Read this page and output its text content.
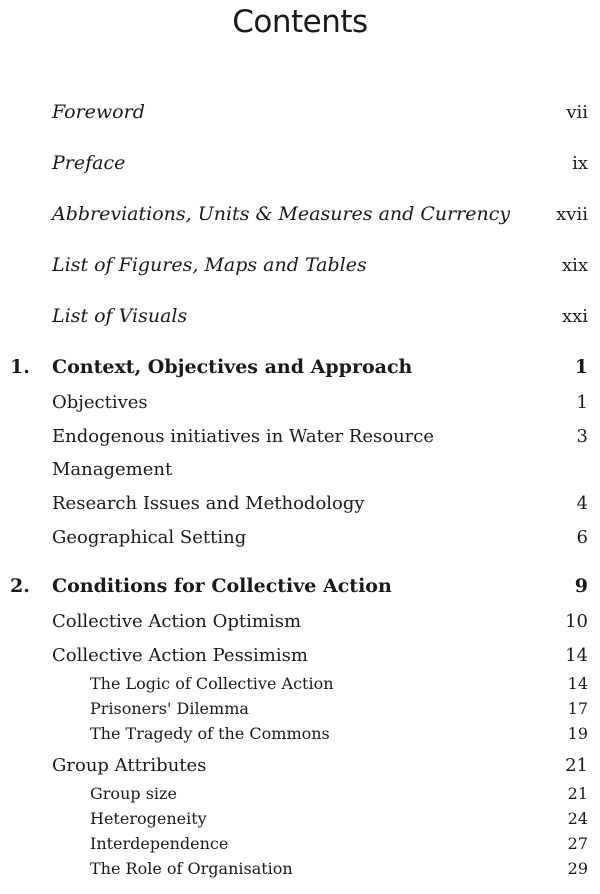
Contents
Foreword	vii
Preface	ix
Abbreviations, Units & Measures and Currency	xvii
List of Figures, Maps and Tables	xix
List of Visuals	xxi
1.	Context, Objectives and Approach	1
Objectives	1
Endogenous initiatives in Water Resource	3
Management
Research Issues and Methodology	4
Geographical Setting	6
2.	Conditions for Collective Action	9
Collective Action Optimism	10
Collective Action Pessimism	14
The Logic of Collective Action	14
Prisoners' Dilemma	17
The Tragedy of the Commons	19
Group Attributes	21
Group size	21
Heterogeneity	24
Interdependence	27
The Role of Organisation	29
